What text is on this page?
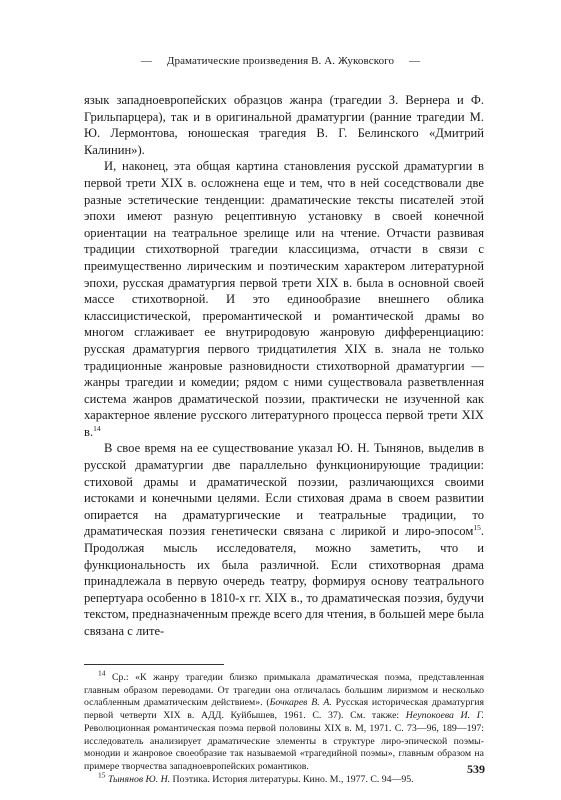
— Драматические произведения В. А. Жуковского —

язык западноевропейских образцов жанра (трагедии З. Вернера и Ф. Грильпарцера), так и в оригинальной драматургии (ранние трагедии М. Ю. Лермонтова, юношеская трагедия В. Г. Белинского «Дмитрий Калинин»).

И, наконец, эта общая картина становления русской драматургии в первой трети XIX в. осложнена еще и тем, что в ней соседствовали две разные эстетические тенденции: драматические тексты писателей этой эпохи имеют разную рецептивную установку в своей конечной ориентации на театральное зрелище или на чтение. Отчасти развивая традиции стихотворной трагедии классицизма, отчасти в связи с преимущественно лирическим и поэтическим характером литературной эпохи, русская драматургия первой трети XIX в. была в основной своей массе стихотворной. И это единообразие внешнего облика классицистической, преромантической и романтической драмы во многом сглаживает ее внутриродовую жанровую дифференциацию: русская драматургия первого тридцатилетия XIX в. знала не только традиционные жанровые разновидности стихотворной драматургии — жанры трагедии и комедии; рядом с ними существовала разветвленная система жанров драматической поэзии, практически не изученной как характерное явление русского литературного процесса первой трети XIX в.$^{14}$

В свое время на ее существование указал Ю. Н. Тынянов, выделив в русской драматургии две параллельно функционирующие традиции: стиховой драмы и драматической поэзии, различающихся своими истоками и конечными целями. Если стиховая драма в своем развитии опирается на драматургические и театральные традиции, то драматическая поэзия генетически связана с лирикой и лиро-эпосом$^{15}$. Продолжая мысль исследователя, можно заметить, что и функциональность их была различной. Если стихотворная драма принадлежала в первую очередь театру, формируя основу театрального репертуара особенно в 1810-х гг. XIX в., то драматическая поэзия, будучи текстом, предназначенным прежде всего для чтения, в большей мере была связана с лите-

$^{14}$ Ср.: «К жанру трагедии близко примыкала драматическая поэма, представленная главным образом переводами. От трагедии она отличалась большим лиризмом и несколько ослабленным драматическим действием». (Бочкарев В. А. Русская историческая драматургия первой четверти XIX в. АДД. Куйбышев, 1961. С. 37). См. также: Неупокоева И. Г. Революционная романтическая поэма первой половины XIX в. М, 1971. С. 73—96, 189—197: исследователь анализирует драматические элементы в структуре лиро-эпической поэмы-монодии и жанровое своеобразие так называемой «трагедийной поэмы», главным образом на примере творчества западноевропейских романтиков.

$^{15}$ Тынянов Ю. Н. Поэтика. История литературы. Кино. М., 1977. С. 94—95.

539
